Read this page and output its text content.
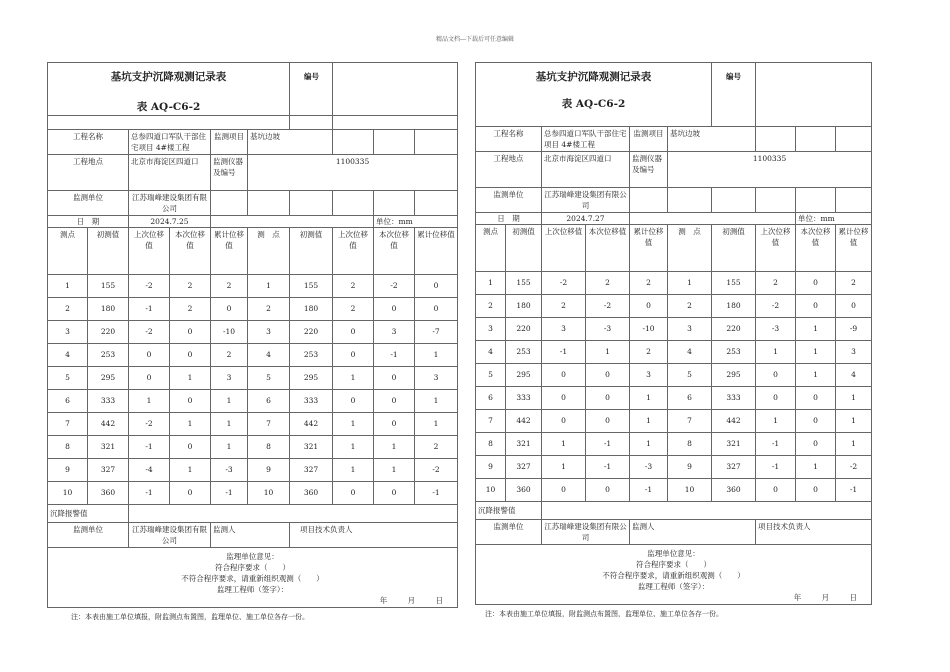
精品文档---下载后可任意编辑
基坑支护沉降观测记录表	编号	

表 AQ-C6-2									

工程名称		总参四道口军队干部住宅项目 4#楼工程		监测项目	基坑边坡				
工程地点		北京市海淀区四道口		监测仪器及编号	1100335				
监测单位		江苏瑞峰建设集团有限公司							
日　期		2024.7.25						单位：mm	
测点	初测值	上次位移值	本次位移值	累计位移值	测　点	初测值	上次位移值	本次位移值	累计位移值
1	155	-2	2	2	1	155	2	-2	0
2	180	-1	2	0	2	180	2	0	0
3	220	-2	0	-10	3	220	0	3	-7
4	253	0	0	2	4	253	0	-1	1
5	295	0	1	3	5	295	1	0	3
6	333	1	0	1	6	333	0	0	1
7	442	-2	1	1	7	442	1	0	1
8	321	-1	0	1	8	321	1	1	2
9	327	-4	1	-3	9	327	1	1	-2
10	360	-1	0	-1	10	360	0	0	-1
沉降报警值									
监测单位		江苏瑞峰建设集团有限公司		监测人		项目技术负责人			

监理单位意见：
符合程序要求（　　）
不符合程序要求，请重新组织观测（　　）
监理工程师（签字）：
年 月 日									
注：本表由施工单位填报，附监测点布置图，监理单位、施工单位各存一份。
基坑支护沉降观测记录表	编号	
表 AQ-C6-2									

工程名称		总参四道口军队干部住宅项目 4#楼工程		监测项目	基坑边坡				
工程地点		北京市海淀区四道口		监测仪器及编号	1100335				
监测单位		江苏瑞峰建设集团有限公司							
日　期		2024.7.27						单位：mm	
测点	初测值	上次位移值	本次位移值	累计位移值	测　点	初测值	上次位移值	本次位移值	累计位移值
1	155	-2	2	2	1	155	2	0	2
2	180	2	-2	0	2	180	-2	0	0
3	220	3	-3	-10	3	220	-3	1	-9
4	253	-1	1	2	4	253	1	1	3
5	295	0	0	3	5	295	0	1	4
6	333	0	0	1	6	333	0	0	1
7	442	0	0	1	7	442	1	0	1
8	321	1	-1	1	8	321	-1	0	1
9	327	1	-1	-3	9	327	-1	1	-2
10	360	0	0	-1	10	360	0	0	-1
沉降报警值									
监测单位		江苏瑞峰建设集团有限公司		监测人			项目技术负责人		

监理单位意见：
符合程序要求（　　）
不符合程序要求，请重新组织观测（　　）
监理工程师（签字）：
年 月 日									
注：本表由施工单位填报，附监测点布置图，监理单位、施工单位各存一份。
